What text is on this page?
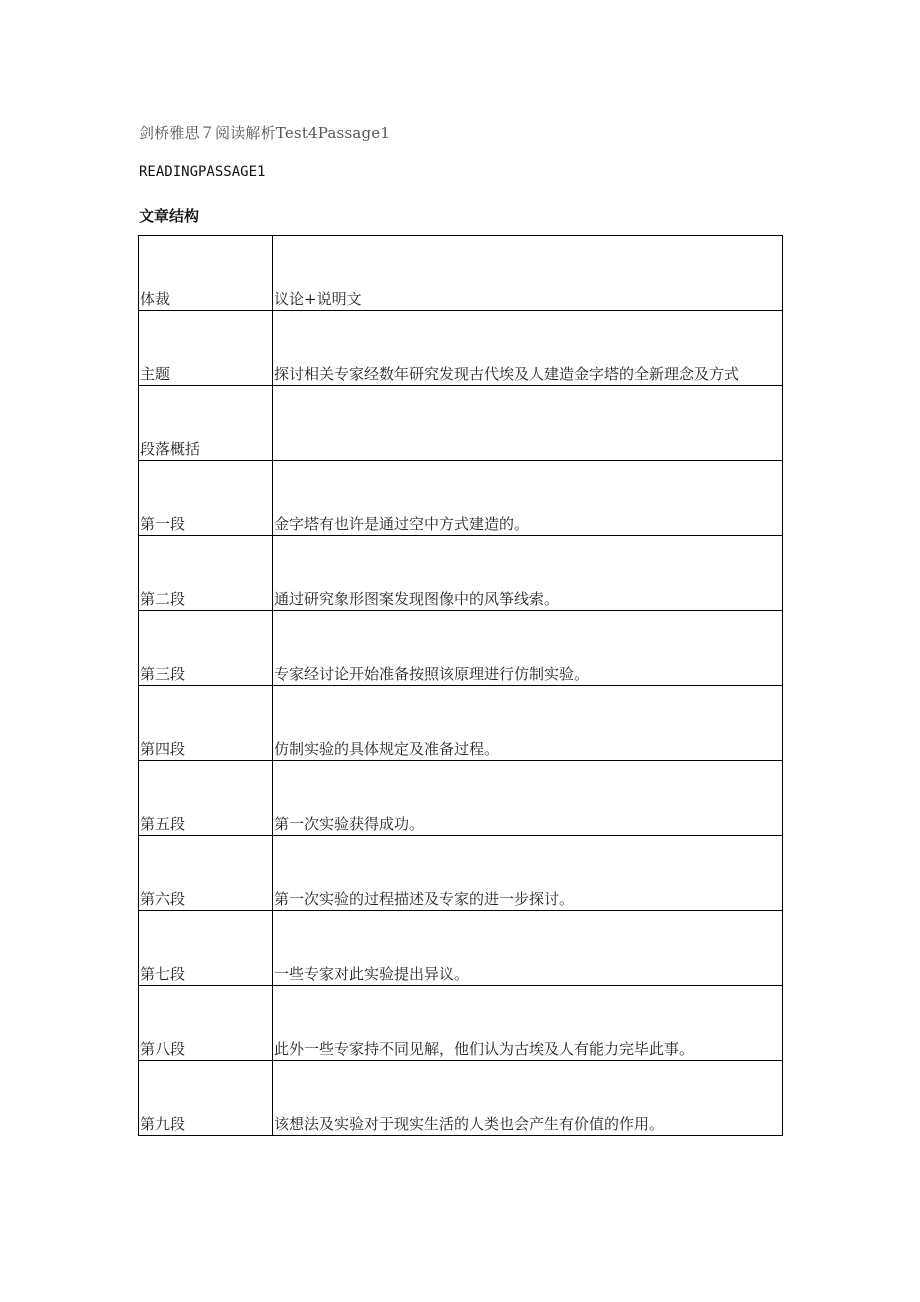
剑桥雅思７阅读解析Test4Passage1
READINGPASSAGE1
文章结构
体裁	议论+说明文
主题	探讨相关专家经数年研究发现古代埃及人建造金字塔的全新理念及方式
段落概括	
第一段	金字塔有也许是通过空中方式建造的。
第二段	通过研究象形图案发现图像中的风筝线索。
第三段	专家经讨论开始准备按照该原理进行仿制实验。
第四段	仿制实验的具体规定及准备过程。
第五段	第一次实验获得成功。
第六段	第一次实验的过程描述及专家的进一步探讨。
第七段	一些专家对此实验提出异议。
第八段	此外一些专家持不同见解，他们认为古埃及人有能力完毕此事。
第九段	该想法及实验对于现实生活的人类也会产生有价值的作用。
